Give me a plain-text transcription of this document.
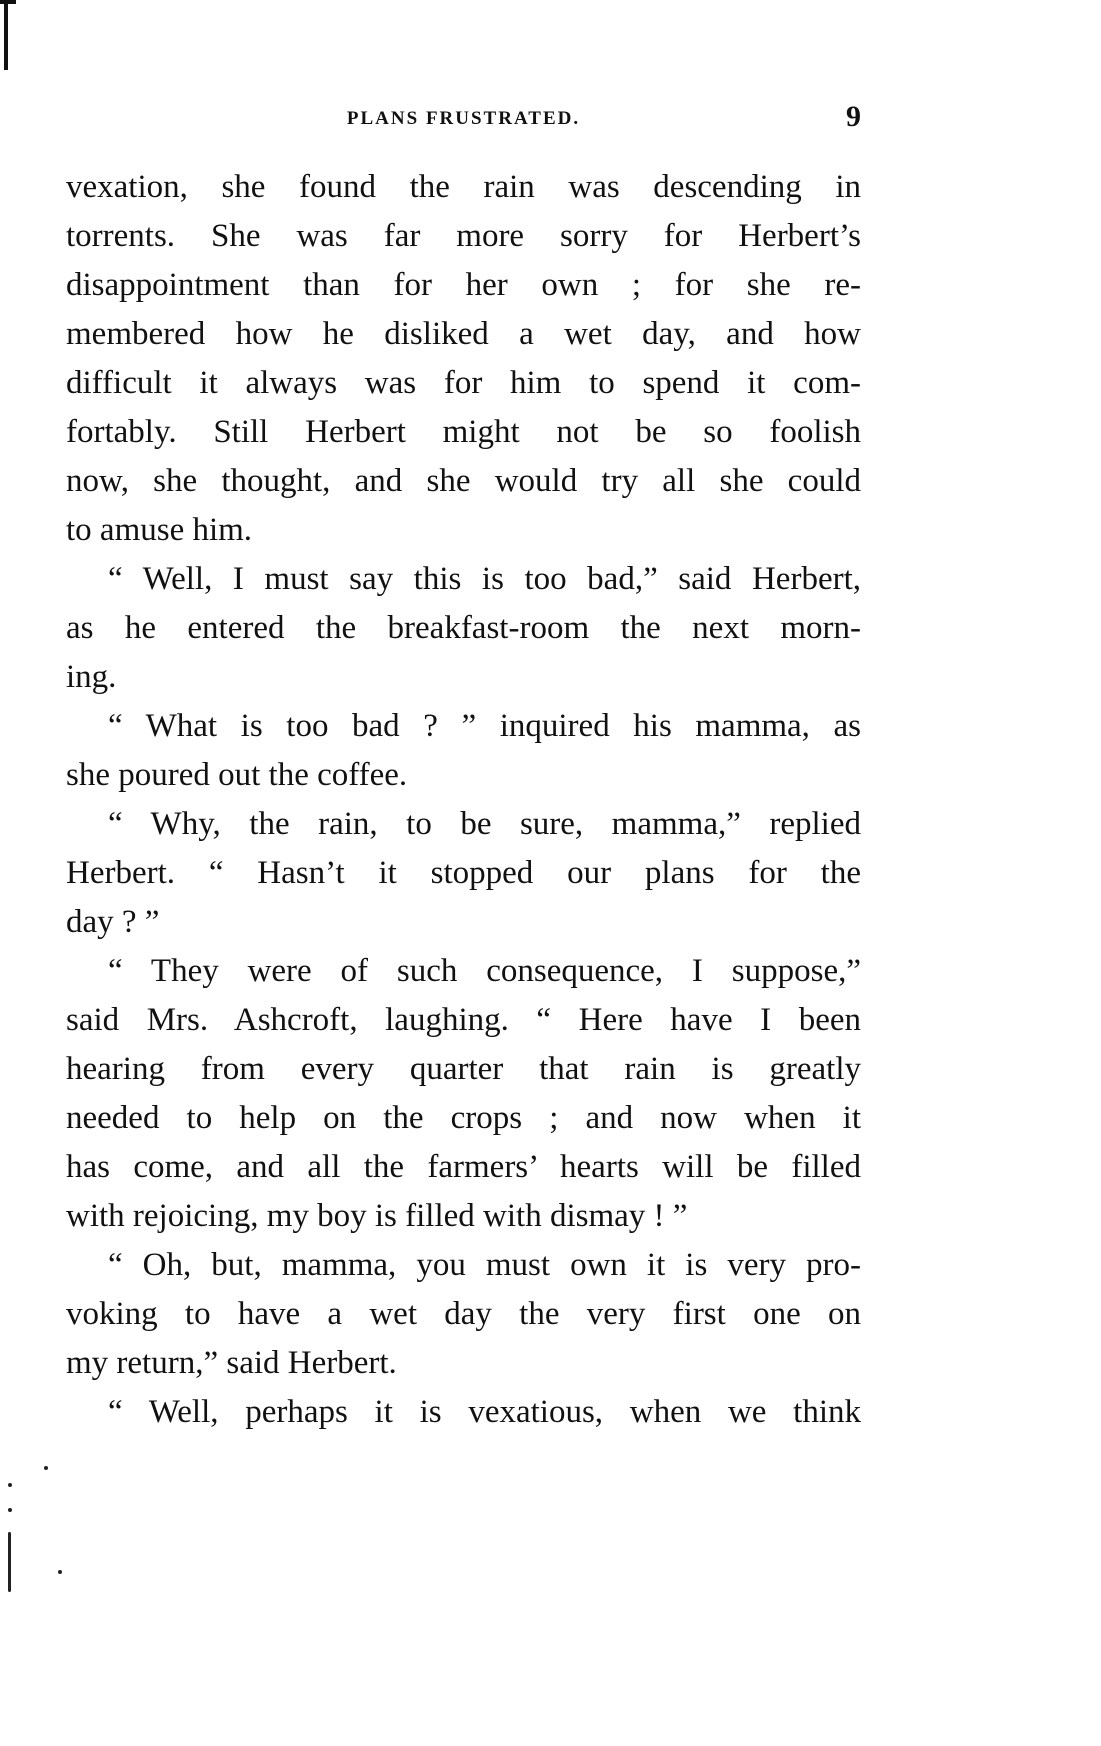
PLANS FRUSTRATED.	9
vexation, she found the rain was descending in
torrents. She was far more sorry for Herbert’s
disappointment than for her own ; for she re-
membered how he disliked a wet day, and how
difficult it always was for him to spend it com-
fortably. Still Herbert might not be so foolish
now, she thought, and she would try all she could
to amuse him.
“ Well, I must say this is too bad,” said Herbert,
as he entered the breakfast-room the next morn-
ing.
“ What is too bad ? ” inquired his mamma, as
she poured out the coffee.
“ Why, the rain, to be sure, mamma,” replied
Herbert. “ Hasn’t it stopped our plans for the
day ? ”
“ They were of such consequence, I suppose,”
said Mrs. Ashcroft, laughing. “ Here have I been
hearing from every quarter that rain is greatly
needed to help on the crops ; and now when it
has come, and all the farmers’ hearts will be filled
with rejoicing, my boy is filled with dismay ! ”
“ Oh, but, mamma, you must own it is very pro-
voking to have a wet day the very first one on
my return,” said Herbert.
“ Well, perhaps it is vexatious, when we think
